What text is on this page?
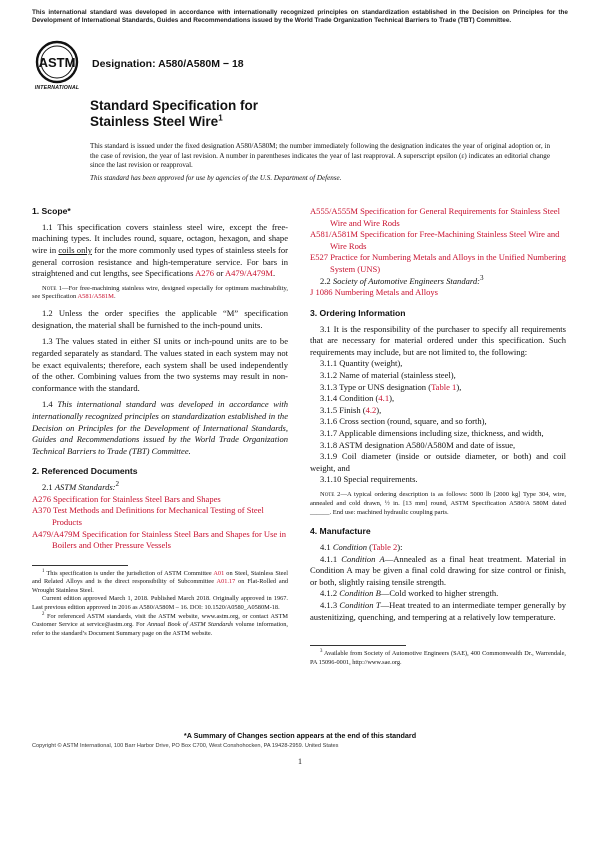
This international standard was developed in accordance with internationally recognized principles on standardization established in the Decision on Principles for the Development of International Standards, Guides and Recommendations issued by the World Trade Organization Technical Barriers to Trade (TBT) Committee.
ASTM
INTERNATIONAL
Designation: A580/A580M − 18
Standard Specification for
Stainless Steel Wire$^1$

This standard is issued under the fixed designation A580/A580M; the number immediately following the designation indicates the year of original adoption or, in the case of revision, the year of last revision. A number in parentheses indicates the year of last reapproval. A superscript epsilon (ε) indicates an editorial change since the last revision or reapproval.

This standard has been approved for use by agencies of the U.S. Department of Defense.

1. Scope*

1.1 This specification covers stainless steel wire, except the free-machining types. It includes round, square, octagon, hexagon, and shape wire in coils only for the more commonly used types of stainless steels for general corrosion resistance and high-temperature service. For bars in straightened and cut lengths, see Specifications A276 or A479/A479M.

Note 1—For free-machining stainless wire, designed especially for optimum machinability, see Specification A581/A581M.

1.2 Unless the order specifies the applicable “M” specification designation, the material shall be furnished to the inch-pound units.

1.3 The values stated in either SI units or inch-pound units are to be regarded separately as standard. The values stated in each system may not be exact equivalents; therefore, each system shall be used independently of the other. Combining values from the two systems may result in non-conformance with the standard.

1.4 This international standard was developed in accordance with internationally recognized principles on standardization established in the Decision on Principles for the Development of International Standards, Guides and Recommendations issued by the World Trade Organization Technical Barriers to Trade (TBT) Committee.

2. Referenced Documents

2.1 ASTM Standards:$^2$

A276 Specification for Stainless Steel Bars and Shapes

A370 Test Methods and Definitions for Mechanical Testing of Steel Products

A479/A479M Specification for Stainless Steel Bars and Shapes for Use in Boilers and Other Pressure Vessels

$^1$ This specification is under the jurisdiction of ASTM Committee A01 on Steel, Stainless Steel and Related Alloys and is the direct responsibility of Subcommittee A01.17 on Flat-Rolled and Wrought Stainless Steel.

Current edition approved March 1, 2018. Published March 2018. Originally approved in 1967. Last previous edition approved in 2016 as A580/A580M – 16. DOI: 10.1520/A0580_A0580M-18.

$^2$ For referenced ASTM standards, visit the ASTM website, www.astm.org, or contact ASTM Customer Service at service@astm.org. For Annual Book of ASTM Standards volume information, refer to the standard’s Document Summary page on the ASTM website.

A555/A555M Specification for General Requirements for Stainless Steel Wire and Wire Rods

A581/A581M Specification for Free-Machining Stainless Steel Wire and Wire Rods

E527 Practice for Numbering Metals and Alloys in the Unified Numbering System (UNS)

2.2 Society of Automotive Engineers Standard:$^3$

J 1086 Numbering Metals and Alloys

3. Ordering Information

3.1 It is the responsibility of the purchaser to specify all requirements that are necessary for material ordered under this specification. Such requirements may include, but are not limited to, the following:

3.1.1 Quantity (weight),

3.1.2 Name of material (stainless steel),

3.1.3 Type or UNS designation (Table 1),

3.1.4 Condition (4.1),

3.1.5 Finish (4.2),

3.1.6 Cross section (round, square, and so forth),

3.1.7 Applicable dimensions including size, thickness, and width,

3.1.8 ASTM designation A580/A580M and date of issue,

3.1.9 Coil diameter (inside or outside diameter, or both) and coil weight, and

3.1.10 Special requirements.

Note 2—A typical ordering description is as follows: 5000 lb [2000 kg] Type 304, wire, annealed and cold drawn, ½ in. [13 mm] round, ASTM Specification A580/A 580M dated ______. End use: machined hydraulic coupling parts.

4. Manufacture

4.1 Condition (Table 2):

4.1.1 Condition A—Annealed as a final heat treatment. Material in Condition A may be given a final cold drawing for size control or finish, or both, slightly raising tensile strength.

4.1.2 Condition B—Cold worked to higher strength.

4.1.3 Condition T—Heat treated to an intermediate temper generally by austenitizing, quenching, and tempering at a relatively low temperature.

$^3$ Available from Society of Automotive Engineers (SAE), 400 Commonwealth Dr., Warrendale, PA 15096-0001, http://www.sae.org.

*A Summary of Changes section appears at the end of this standard
Copyright © ASTM International, 100 Barr Harbor Drive, PO Box C700, West Conshohocken, PA 19428-2959. United States
1
